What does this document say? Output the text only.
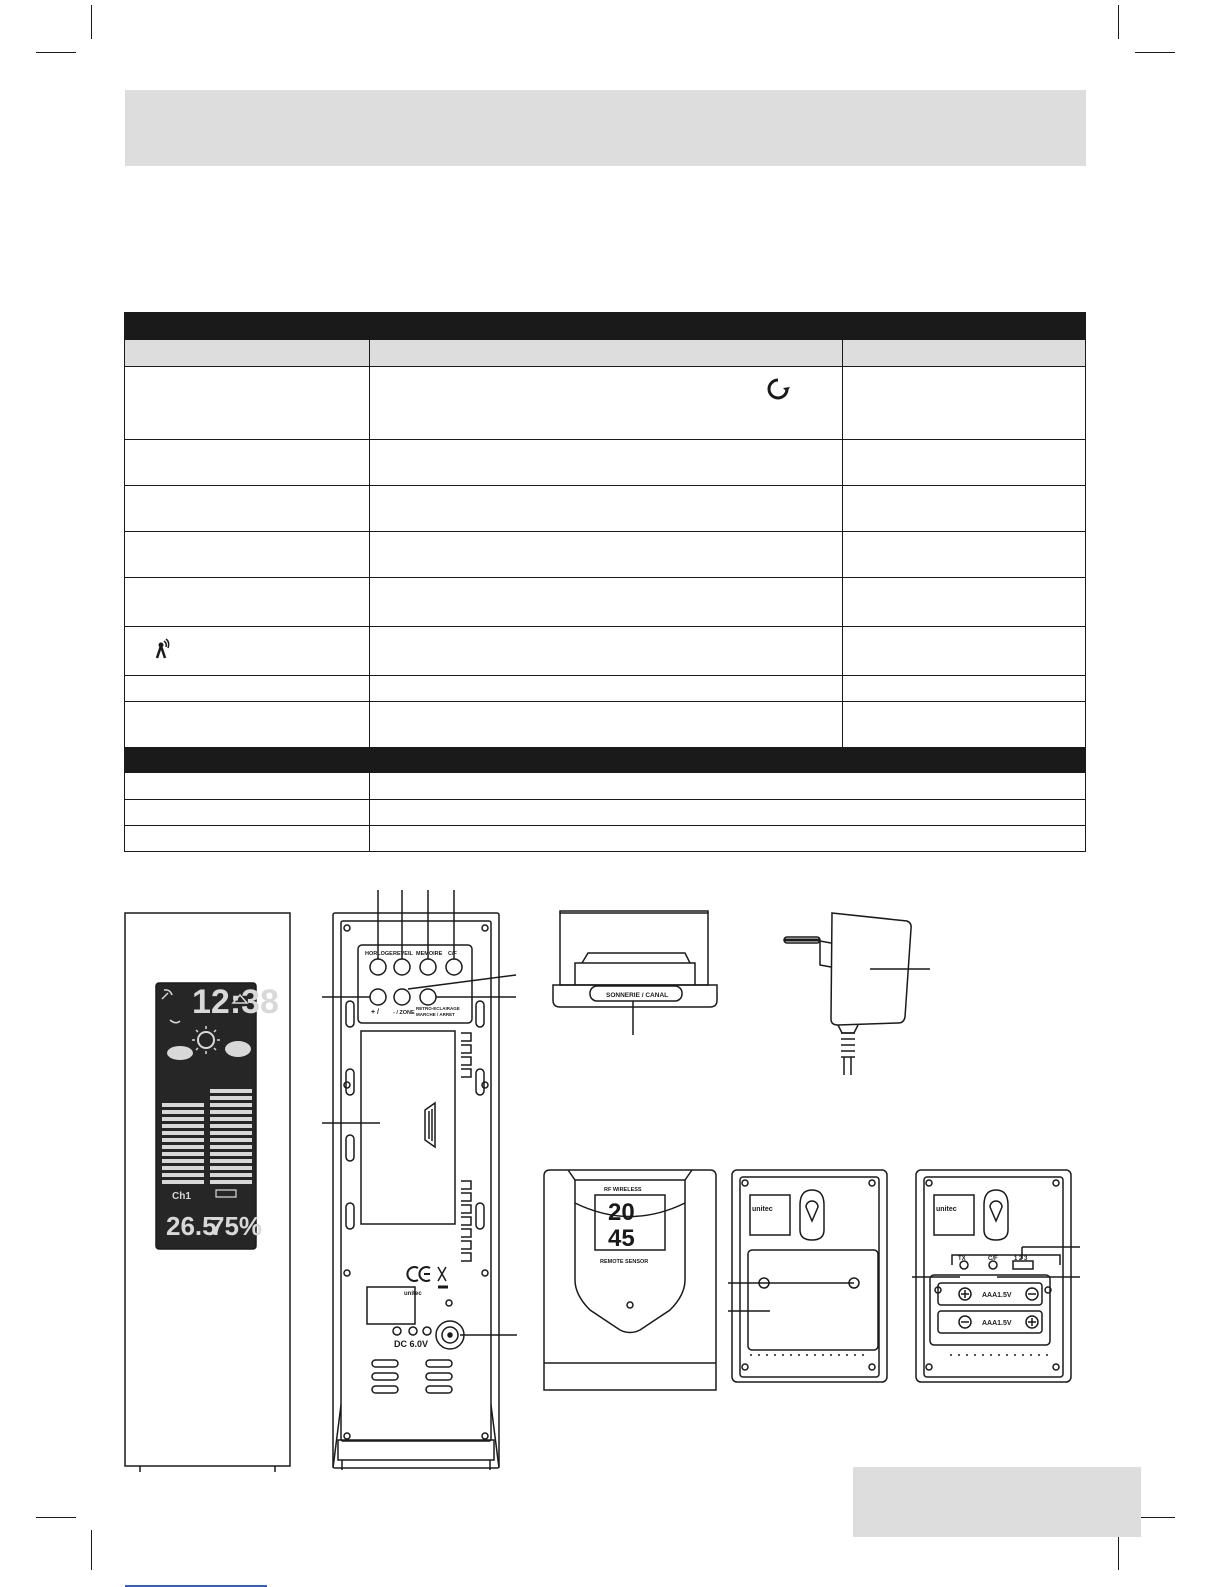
12:38
Ch1
26.5
75%
HORLOGE REVEIL MEMOIRE C/F
+ /	- / ZONE
RETRO-ECLAIRAGE
MARCHE / ARRET
DC 6.0V
unitec
SONNERIE / CANAL
RF WIRELESS
20
45
REMOTE SENSOR
unitec	unitec
TX	C/F	1 2 3
AAA1.5V
AAA1.5V
